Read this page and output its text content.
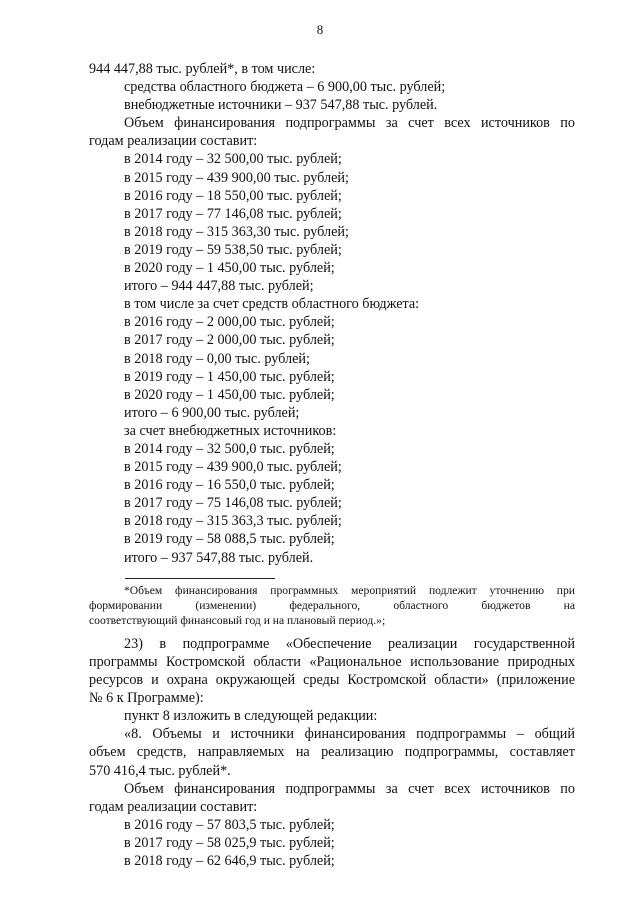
8
944 447,88 тыс. рублей*, в том числе:
средства областного бюджета – 6 900,00 тыс. рублей;
внебюджетные источники – 937 547,88 тыс. рублей.
Объем финансирования подпрограммы за счет всех источников по
годам реализации составит:
в 2014 году – 32 500,00 тыс. рублей;
в 2015 году – 439 900,00 тыс. рублей;
в 2016 году – 18 550,00 тыс. рублей;
в 2017 году – 77 146,08 тыс. рублей;
в 2018 году – 315 363,30 тыс. рублей;
в 2019 году – 59 538,50 тыс. рублей;
в 2020 году – 1 450,00 тыс. рублей;
итого – 944 447,88 тыс. рублей;
в том числе за счет средств областного бюджета:
в 2016 году – 2 000,00 тыс. рублей;
в 2017 году – 2 000,00 тыс. рублей;
в 2018 году – 0,00 тыс. рублей;
в 2019 году – 1 450,00 тыс. рублей;
в 2020 году – 1 450,00 тыс. рублей;
итого – 6 900,00 тыс. рублей;
за счет внебюджетных источников:
в 2014 году – 32 500,0 тыс. рублей;
в 2015 году – 439 900,0 тыс. рублей;
в 2016 году – 16 550,0 тыс. рублей;
в 2017 году – 75 146,08 тыс. рублей;
в 2018 году – 315 363,3 тыс. рублей;
в 2019 году – 58 088,5 тыс. рублей;
итого – 937 547,88 тыс. рублей.
*Объем финансирования программных мероприятий подлежит уточнению при
формировании (изменении) федерального, областного бюджетов на
соответствующий финансовый год и на плановый период.»;
23) в подпрограмме «Обеспечение реализации государственной
программы Костромской области «Рациональное использование природных
ресурсов и охрана окружающей среды Костромской области» (приложение
№ 6 к Программе):
пункт 8 изложить в следующей редакции:
«8. Объемы и источники финансирования подпрограммы – общий
объем средств, направляемых на реализацию подпрограммы, составляет
570 416,4 тыс. рублей*.
Объем финансирования подпрограммы за счет всех источников по
годам реализации составит:
в 2016 году – 57 803,5 тыс. рублей;
в 2017 году – 58 025,9 тыс. рублей;
в 2018 году – 62 646,9 тыс. рублей;
